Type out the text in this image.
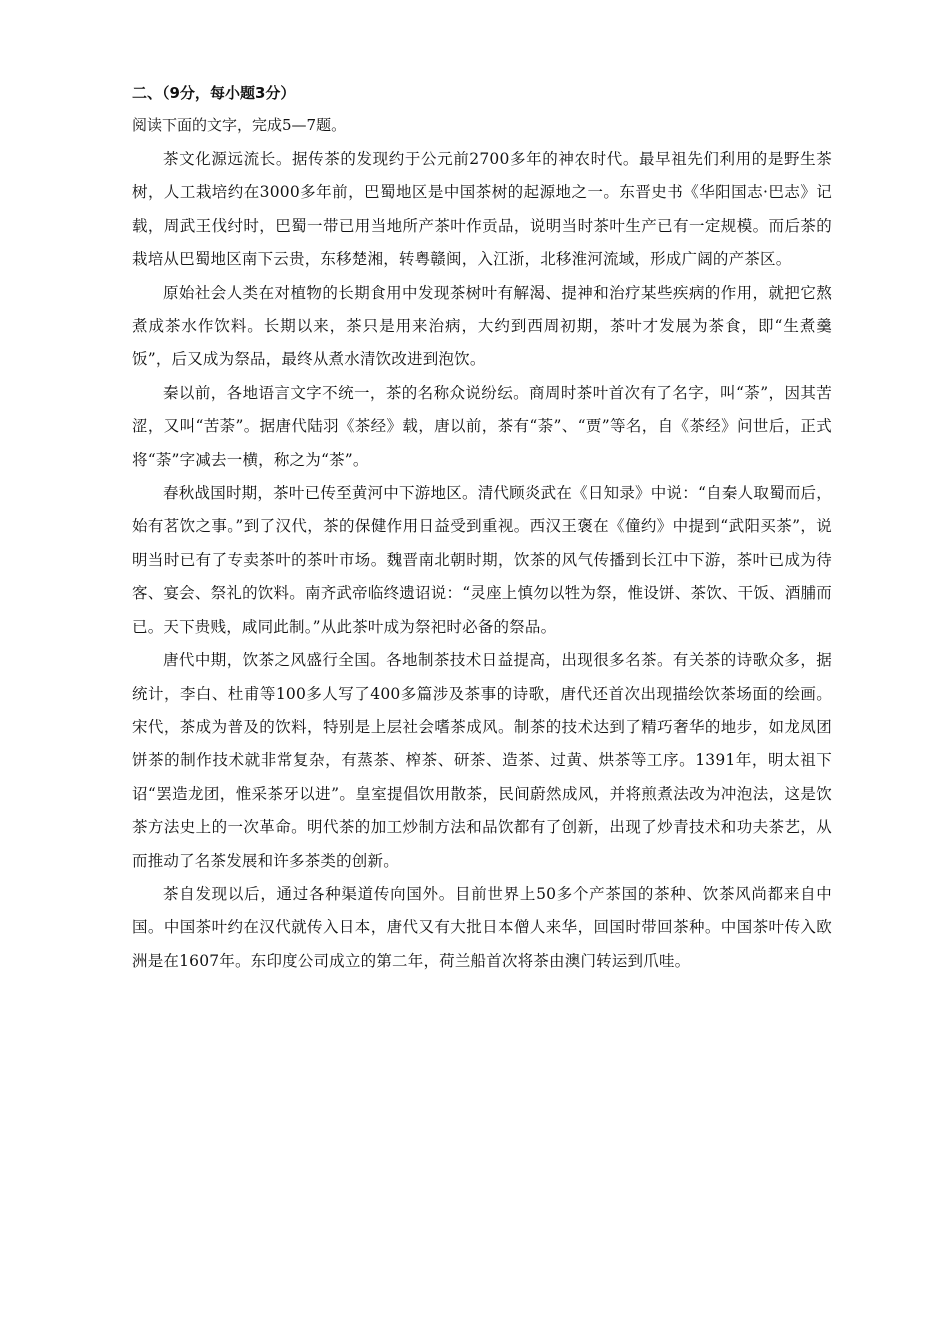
二、（9分，每小题3分）
阅读下面的文字，完成5—7题。

茶文化源远流长。据传茶的发现约于公元前2700多年的神农时代。最早祖先们利用的是野生茶树，人工栽培约在3000多年前，巴蜀地区是中国茶树的起源地之一。东晋史书《华阳国志·巴志》记载，周武王伐纣时，巴蜀一带已用当地所产茶叶作贡品，说明当时茶叶生产已有一定规模。而后茶的栽培从巴蜀地区南下云贵，东移楚湘，转粤赣闽，入江浙，北移淮河流域，形成广阔的产茶区。

原始社会人类在对植物的长期食用中发现茶树叶有解渴、提神和治疗某些疾病的作用，就把它熬煮成茶水作饮料。长期以来，茶只是用来治病，大约到西周初期，茶叶才发展为茶食，即“生煮羹饭”，后又成为祭品，最终从煮水清饮改进到泡饮。

秦以前，各地语言文字不统一，茶的名称众说纷纭。商周时茶叶首次有了名字，叫“荼”，因其苦涩，又叫“苦荼”。据唐代陆羽《茶经》载，唐以前，茶有“荼”、“贾”等名，自《茶经》问世后，正式将“荼”字减去一横，称之为“茶”。

春秋战国时期，茶叶已传至黄河中下游地区。清代顾炎武在《日知录》中说：“自秦人取蜀而后，始有茗饮之事。”到了汉代，茶的保健作用日益受到重视。西汉王褒在《僮约》中提到“武阳买茶”，说明当时已有了专卖茶叶的茶叶市场。魏晋南北朝时期，饮茶的风气传播到长江中下游，茶叶已成为待客、宴会、祭礼的饮料。南齐武帝临终遗诏说：“灵座上慎勿以牲为祭，惟设饼、茶饮、干饭、酒脯而已。天下贵贱，咸同此制。”从此茶叶成为祭祀时必备的祭品。

唐代中期，饮茶之风盛行全国。各地制茶技术日益提高，出现很多名茶。有关茶的诗歌众多，据统计，李白、杜甫等100多人写了400多篇涉及茶事的诗歌，唐代还首次出现描绘饮茶场面的绘画。宋代，茶成为普及的饮料，特别是上层社会嗜茶成风。制茶的技术达到了精巧奢华的地步，如龙凤团饼茶的制作技术就非常复杂，有蒸茶、榨茶、研茶、造茶、过黄、烘茶等工序。1391年，明太祖下诏“罢造龙团，惟采茶牙以进”。皇室提倡饮用散茶，民间蔚然成风，并将煎煮法改为冲泡法，这是饮茶方法史上的一次革命。明代茶的加工炒制方法和品饮都有了创新，出现了炒青技术和功夫茶艺，从而推动了名茶发展和许多茶类的创新。

茶自发现以后，通过各种渠道传向国外。目前世界上50多个产茶国的茶种、饮茶风尚都来自中国。中国茶叶约在汉代就传入日本，唐代又有大批日本僧人来华，回国时带回茶种。中国茶叶传入欧洲是在1607年。东印度公司成立的第二年，荷兰船首次将茶由澳门转运到爪哇。
